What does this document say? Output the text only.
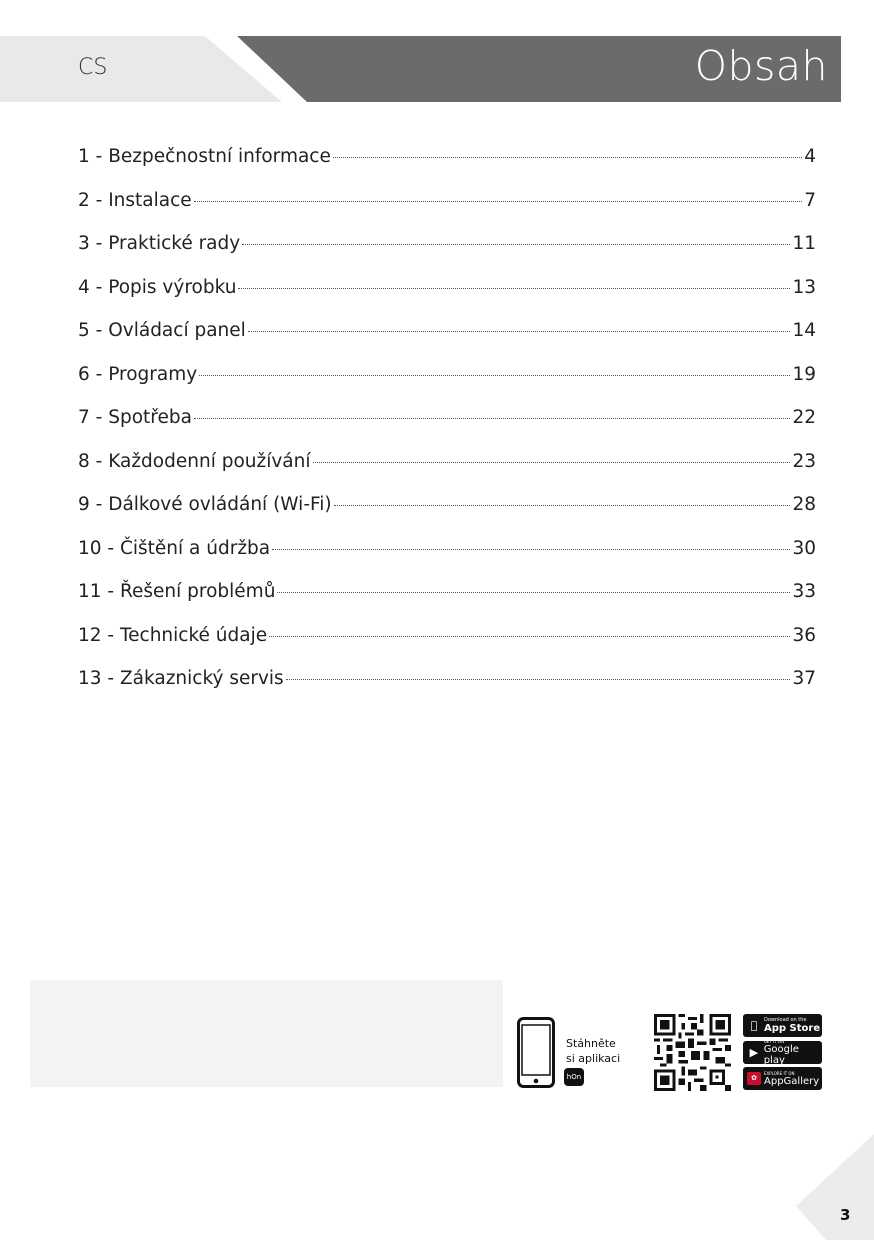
CS	Obsah
1 - Bezpečnostní informace	4
2 - Instalace	7
3 - Praktické rady	11
4 - Popis výrobku	13
5 - Ovládací panel	14
6 - Programy	19
7 - Spotřeba	22
8 - Každodenní používání	23
9 - Dálkové ovládání (Wi-Fi)	28
10 - Čištění a údržba	30
11 - Řešení problémů	33
12 - Technické údaje	36
13 - Zákaznický servis	37
Stáhněte
si aplikaci
hOn
Download on the
App Store
▶
GET IT ON
Google play
✿
EXPLORE IT ON
AppGallery
3
